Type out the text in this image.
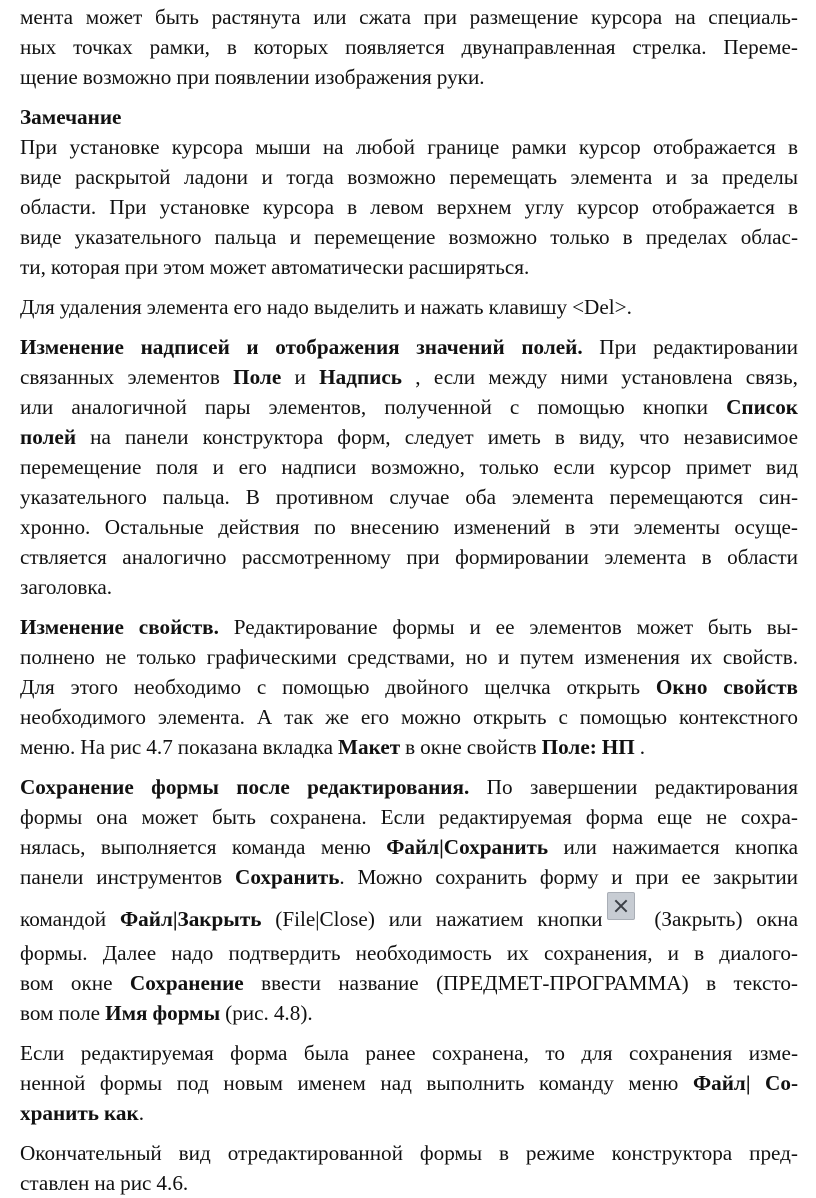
мента может быть растянута или сжата при размещение курсора на специаль-
ных точках рамки, в которых появляется двунаправленная стрелка. Переме-
щение возможно при появлении изображения руки.

Замечание

При установке курсора мыши на любой границе рамки курсор отображается в
виде раскрытой ладони и тогда возможно перемещать элемента и за пределы
области. При установке курсора в левом верхнем углу курсор отображается в
виде указательного пальца и перемещение возможно только в пределах облас-
ти, которая при этом может автоматически расширяться.

Для удаления элемента его надо выделить и нажать клавишу <Del>.

Изменение надписей и отображения значений полей. При редактировании
связанных элементов Поле и Надпись , если между ними установлена связь,
или аналогичной пары элементов, полученной с помощью кнопки Список
полей на панели конструктора форм, следует иметь в виду, что независимое
перемещение поля и его надписи возможно, только если курсор примет вид
указательного пальца. В противном случае оба элемента перемещаются син-
хронно. Остальные действия по внесению изменений в эти элементы осуще-
ствляется аналогично рассмотренному при формировании элемента в области
заголовка.

Изменение свойств. Редактирование формы и ее элементов может быть вы-
полнено не только графическими средствами, но и путем изменения их свойств.
Для этого необходимо с помощью двойного щелчка открыть Окно свойств
необходимого элемента. А так же его можно открыть с помощью контекстного
меню. На рис 4.7 показана вкладка Макет в окне свойств Поле: НП .

Сохранение формы после редактирования. По завершении редактирования
формы она может быть сохранена. Если редактируемая форма еще не сохра-
нялась, выполняется команда меню Файл|Сохранить или нажимается кнопка
панели инструментов Сохранить. Можно сохранить форму и при ее закрытии
командой Файл|Закрыть (File|Close) или нажатием кнопки (Закрыть) окна
формы. Далее надо подтвердить необходимость их сохранения, и в диалого-
вом окне Сохранение ввести название (ПРЕДМЕТ-ПРОГРАММА) в тексто-
вом поле Имя формы (рис. 4.8).

Если редактируемая форма была ранее сохранена, то для сохранения изме-
ненной формы под новым именем над выполнить команду меню Файл| Со-
хранить как.

Окончательный вид отредактированной формы в режиме конструктора пред-
ставлен на рис 4.6.
